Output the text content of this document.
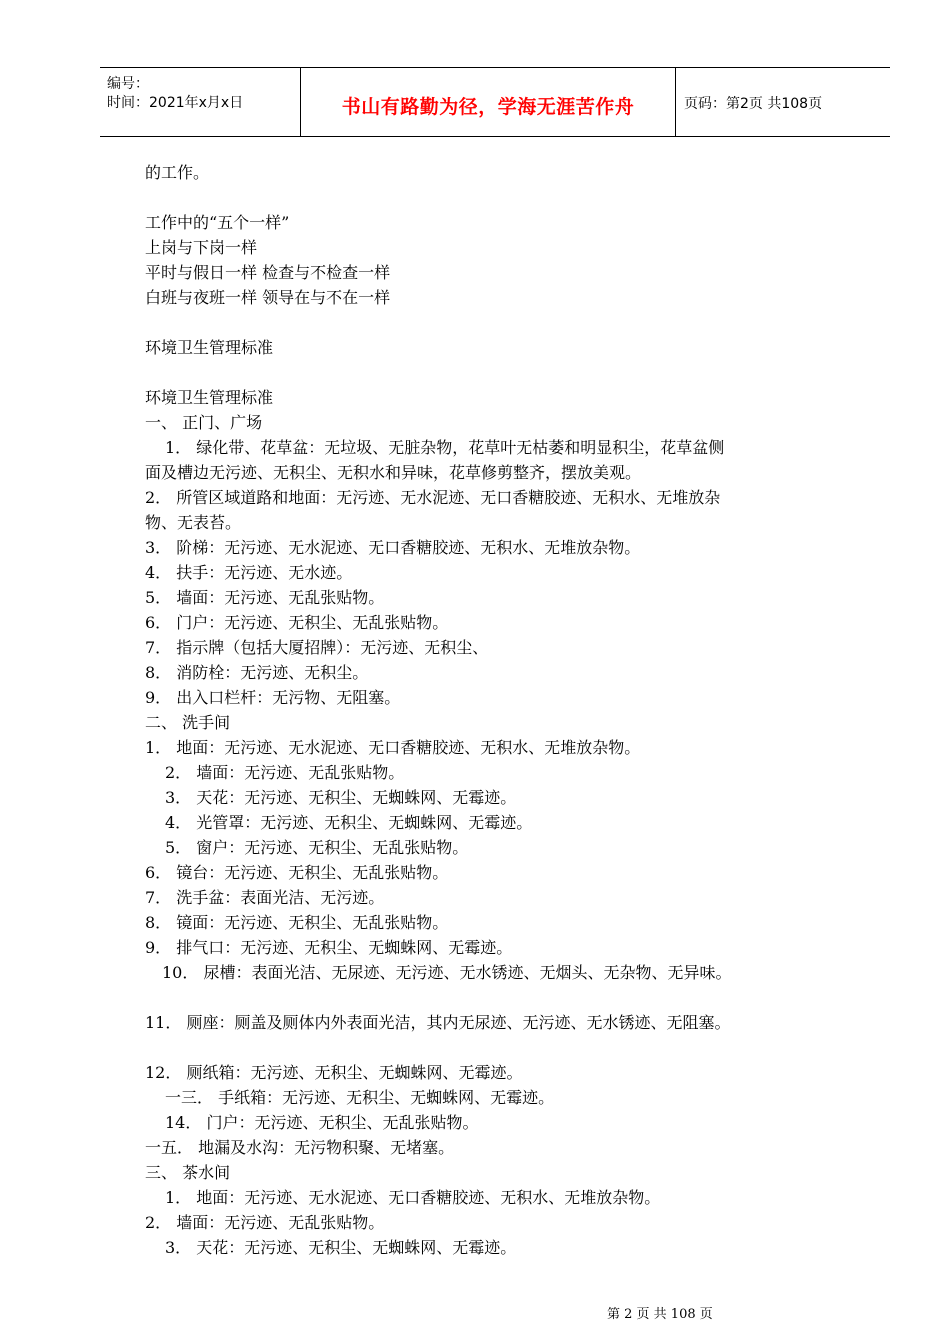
编号：
时间：2021年x月x日	书山有路勤为径，学海无涯苦作舟	页码：第2页 共108页
的工作。
工作中的“五个一样”
上岗与下岗一样
平时与假日一样 检查与不检查一样
白班与夜班一样 领导在与不在一样
环境卫生管理标准
环境卫生管理标准
一、 正门、广场
1． 绿化带、花草盆：无垃圾、无脏杂物，花草叶无枯萎和明显积尘，花草盆侧
面及槽边无污迹、无积尘、无积水和异味，花草修剪整齐，摆放美观。
2． 所管区域道路和地面：无污迹、无水泥迹、无口香糖胶迹、无积水、无堆放杂
物、无表苔。
3． 阶梯：无污迹、无水泥迹、无口香糖胶迹、无积水、无堆放杂物。
4． 扶手：无污迹、无水迹。
5． 墙面：无污迹、无乱张贴物。
6． 门户：无污迹、无积尘、无乱张贴物。
7． 指示牌（包括大厦招牌）：无污迹、无积尘、
8． 消防栓：无污迹、无积尘。
9． 出入口栏杆：无污物、无阻塞。
二、 洗手间
1． 地面：无污迹、无水泥迹、无口香糖胶迹、无积水、无堆放杂物。
2． 墙面：无污迹、无乱张贴物。
3． 天花：无污迹、无积尘、无蜘蛛网、无霉迹。
4． 光管罩：无污迹、无积尘、无蜘蛛网、无霉迹。
5． 窗户：无污迹、无积尘、无乱张贴物。
6． 镜台：无污迹、无积尘、无乱张贴物。
7． 洗手盆：表面光洁、无污迹。
8． 镜面：无污迹、无积尘、无乱张贴物。
9． 排气口：无污迹、无积尘、无蜘蛛网、无霉迹。
10． 尿槽：表面光洁、无尿迹、无污迹、无水锈迹、无烟头、无杂物、无异味。
11． 厕座：厕盖及厕体内外表面光洁，其内无尿迹、无污迹、无水锈迹、无阻塞。
12． 厕纸箱：无污迹、无积尘、无蜘蛛网、无霉迹。
一三． 手纸箱：无污迹、无积尘、无蜘蛛网、无霉迹。
14． 门户：无污迹、无积尘、无乱张贴物。
一五． 地漏及水沟：无污物积聚、无堵塞。
三、 茶水间
1． 地面：无污迹、无水泥迹、无口香糖胶迹、无积水、无堆放杂物。
2． 墙面：无污迹、无乱张贴物。
3． 天花：无污迹、无积尘、无蜘蛛网、无霉迹。
第 2 页 共 108 页
